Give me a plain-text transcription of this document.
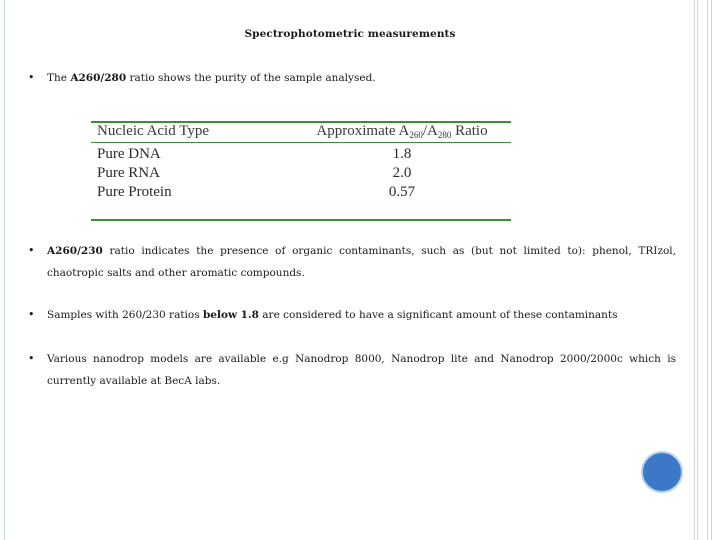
Spectrophotometric measurements
• The A260/280 ratio shows the purity of the sample analysed.
Nucleic Acid Type	Approximate $A_{260}/A_{280}$ Ratio
Pure DNA	1.8
Pure RNA	2.0
Pure Protein	0.57
• A260/230 ratio indicates the presence of organic contaminants, such as (but not limited to): phenol, TRIzol, chaotropic salts and other aromatic compounds.
• Samples with 260/230 ratios below 1.8 are considered to have a significant amount of these contaminants
• Various nanodrop models are available e.g Nanodrop 8000, Nanodrop lite and Nanodrop 2000/2000c which is currently available at BecA labs.
